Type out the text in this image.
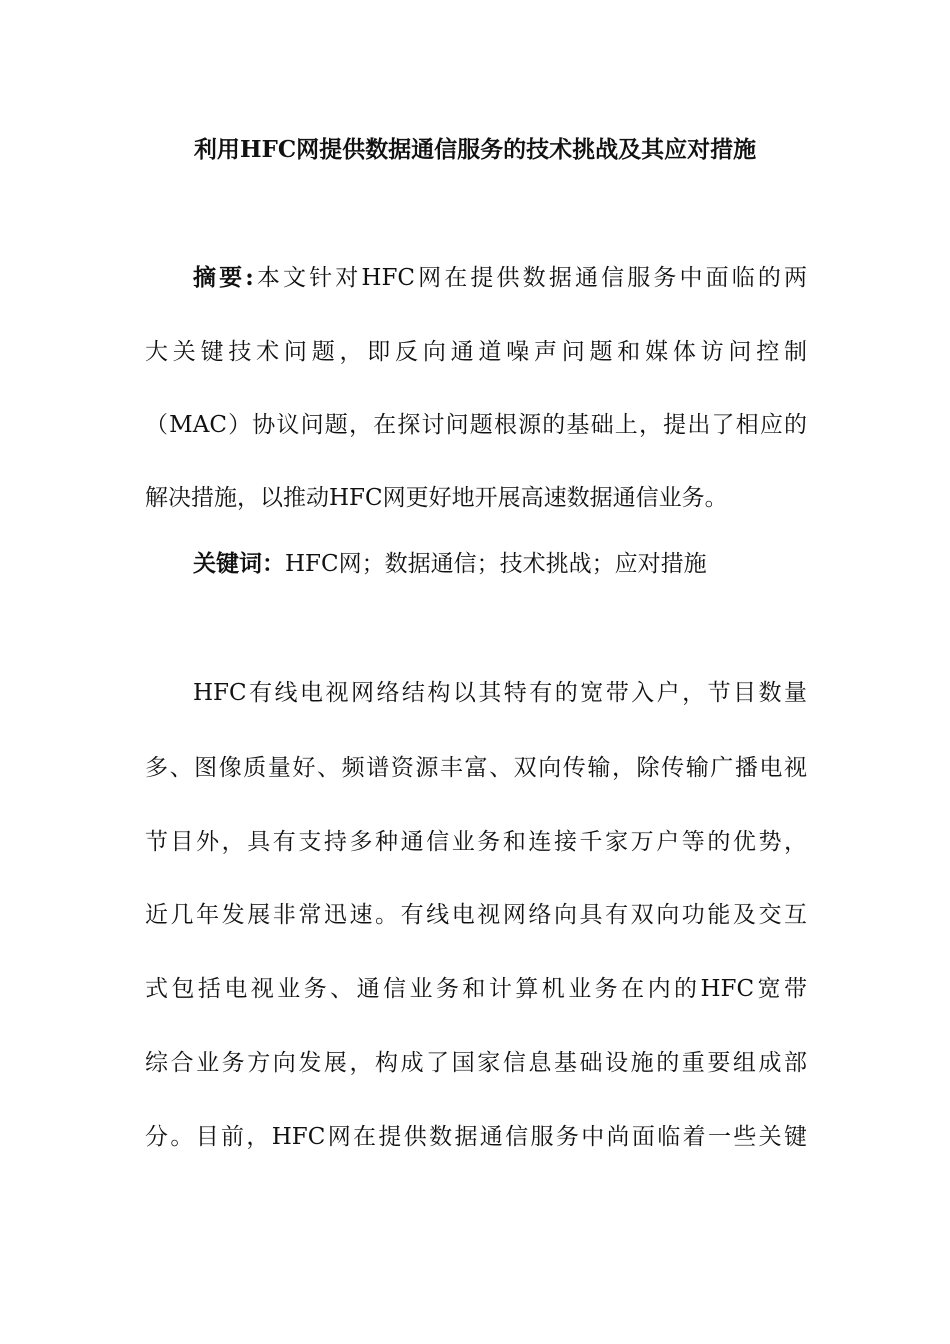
利用HFC网提供数据通信服务的技术挑战及其应对措施
摘要:本文针对HFC网在提供数据通信服务中面临的两
大关键技术问题，即反向通道噪声问题和媒体访问控制
（MAC）协议问题，在探讨问题根源的基础上，提出了相应的
解决措施，以推动HFC网更好地开展高速数据通信业务。
关键词：HFC网；数据通信；技术挑战；应对措施
HFC有线电视网络结构以其特有的宽带入户，节目数量
多、图像质量好、频谱资源丰富、双向传输，除传输广播电视
节目外，具有支持多种通信业务和连接千家万户等的优势，
近几年发展非常迅速。有线电视网络向具有双向功能及交互
式包括电视业务、通信业务和计算机业务在内的HFC宽带
综合业务方向发展，构成了国家信息基础设施的重要组成部
分。目前，HFC网在提供数据通信服务中尚面临着一些关键
